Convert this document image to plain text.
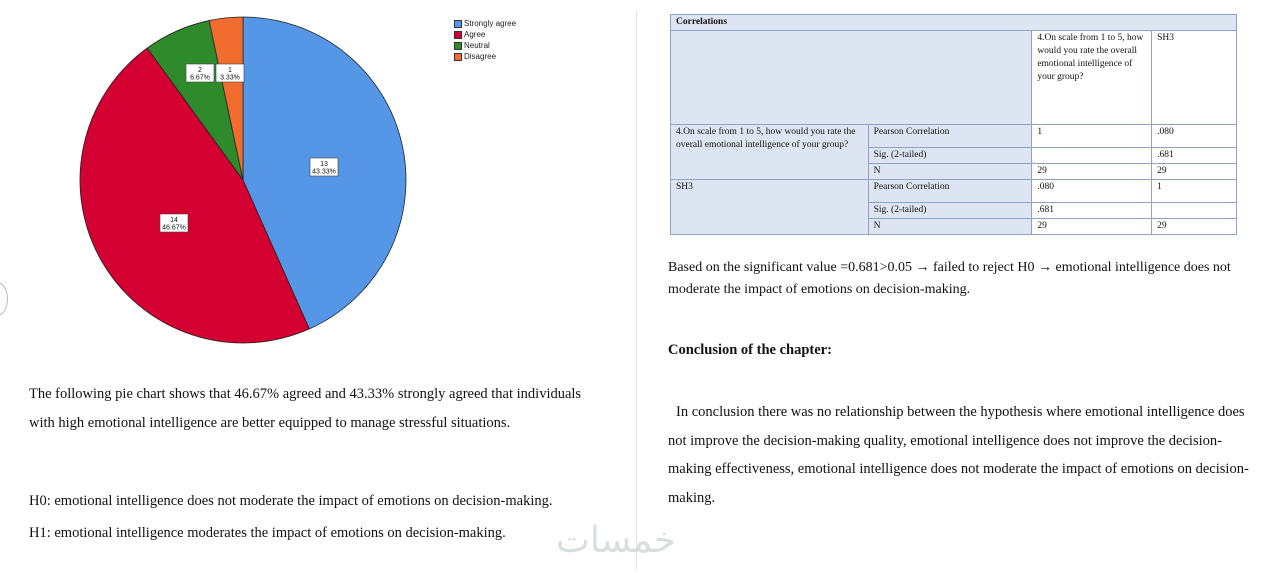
13
43.33%
14
46.67%
2
6.67%
1
3.33%
Strongly agree
Agree
Neutral
Disagree
The following pie chart shows that 46.67% agreed and 43.33% strongly agreed that individuals with high emotional intelligence are better equipped to manage stressful situations.
H0: emotional intelligence does not moderate the impact of emotions on decision-making.
H1: emotional intelligence moderates the impact of emotions on decision-making.
Correlations			
		4.On scale from 1 to 5, how would you rate the overall emotional intelligence of your group?	SH3
4.On scale from 1 to 5, how would you rate the overall emotional intelligence of your group?	Pearson Correlation	1	.080
	Sig. (2-tailed)		.681
	N	29	29
SH3	Pearson Correlation	.080	1
	Sig. (2-tailed)	.681	
	N	29	29
Based on the significant value =0.681>0.05 → failed to reject H0 → emotional intelligence does not moderate the impact of emotions on decision-making.
Conclusion of the chapter:
In conclusion there was no relationship between the hypothesis where emotional intelligence does not improve the decision-making quality, emotional intelligence does not improve the decision-making effectiveness, emotional intelligence does not moderate the impact of emotions on decision-making.
خمسات
